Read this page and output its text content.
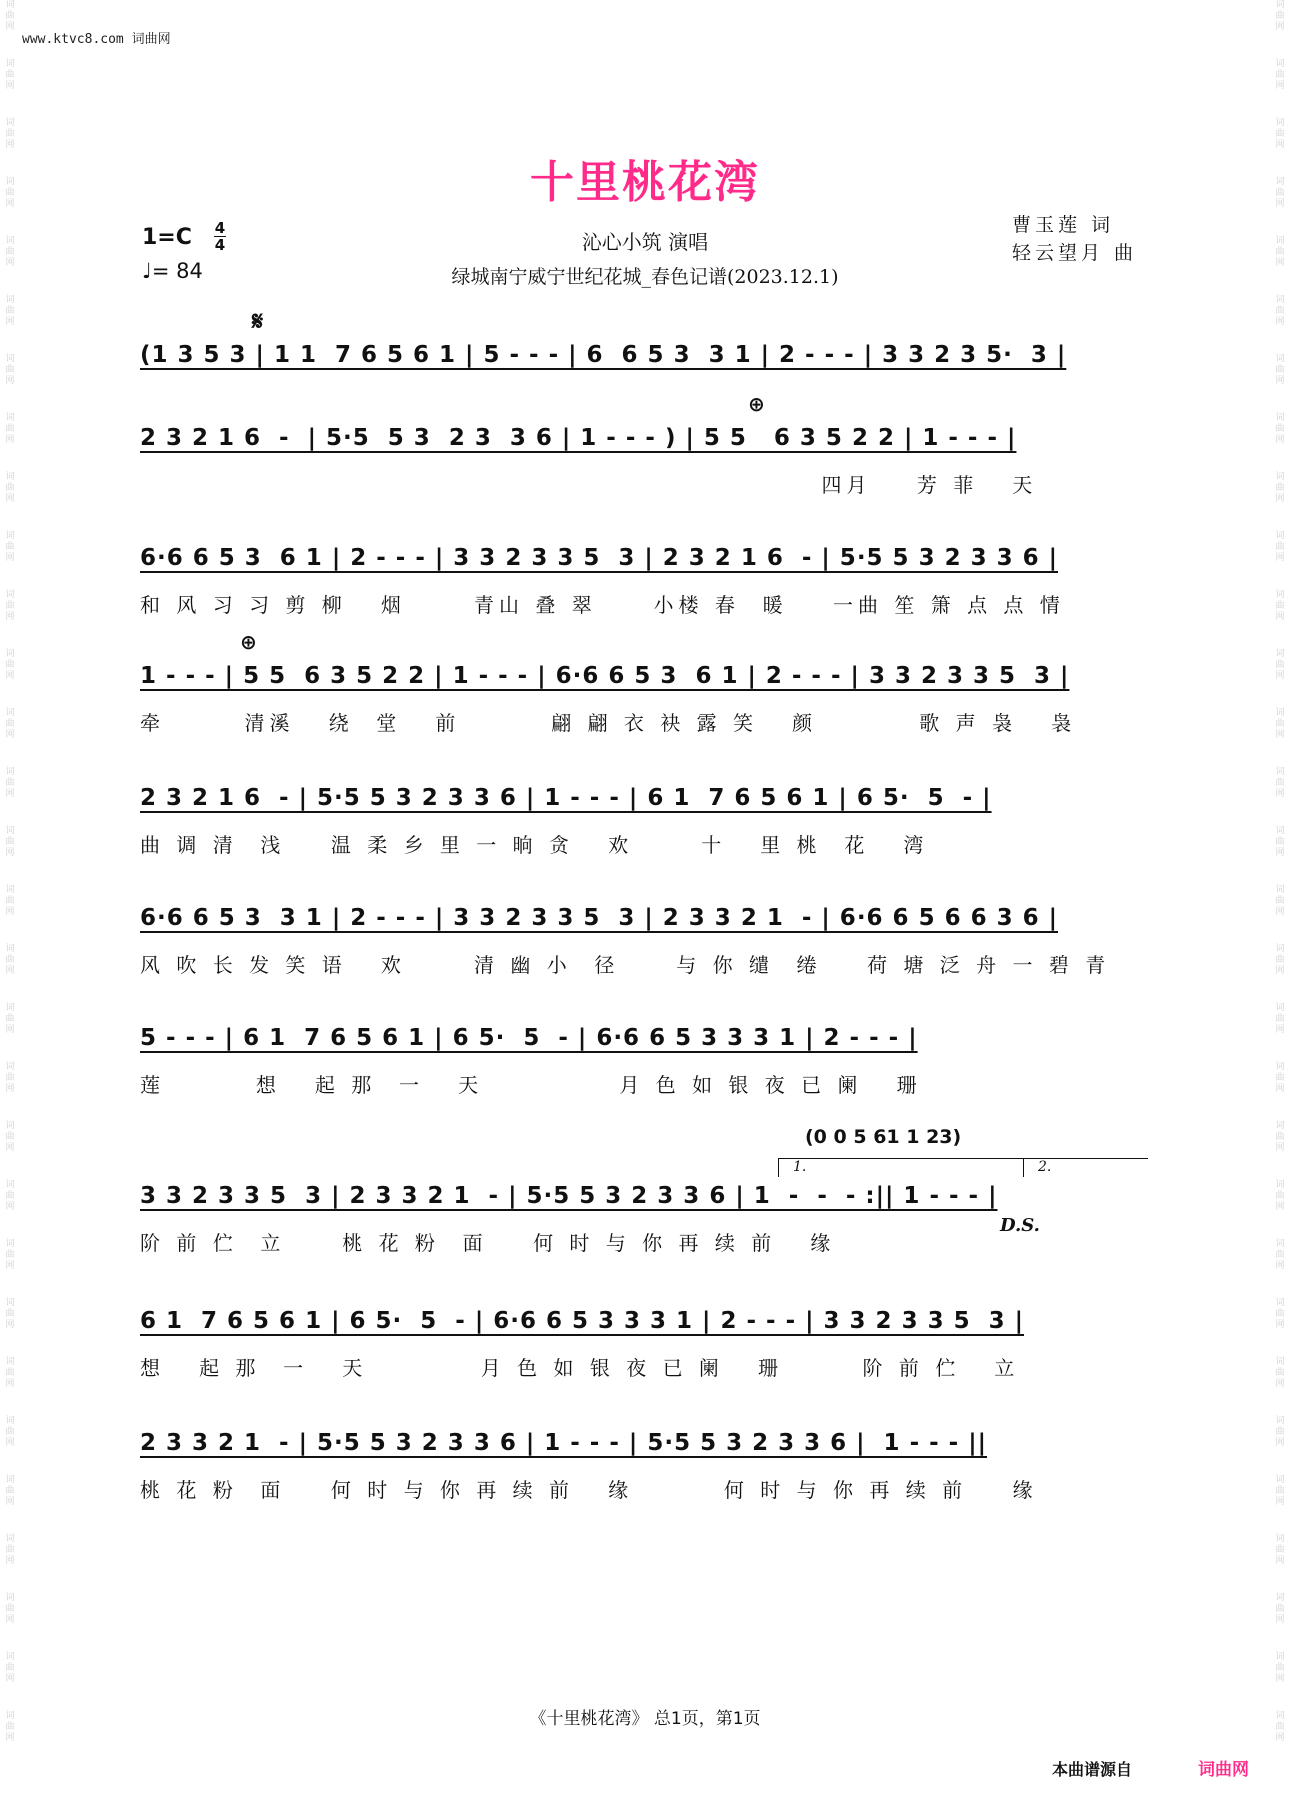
词
曲
网
词
曲
网
词
曲
网
词
曲
网
词
曲
网
词
曲
网
词
曲
网
词
曲
网
词
曲
网
词
曲
网
词
曲
网
词
曲
网
词
曲
网
词
曲
网
词
曲
网
词
曲
网
词
曲
网
词
曲
网
词
曲
网
词
曲
网
词
曲
网
词
曲
网
词
曲
网
词
曲
网
词
曲
网
词
曲
网
词
曲
网
词
曲
网
词
曲
网
词
曲
网
词
曲
网
词
曲
网
词
曲
网
词
曲
网
词
曲
网
词
曲
网
词
曲
网
词
曲
网
词
曲
网
词
曲
网
词
曲
网
词
曲
网
词
曲
网
词
曲
网
词
曲
网
词
曲
网
词
曲
网
词
曲
网
词
曲
网
词
曲
网
词
曲
网
词
曲
网
词
曲
网
词
曲
网
词
曲
网
词
曲
网
词
曲
网
词
曲
网
词
曲
网
词
曲
网
www.ktvc8.com 词曲网
十里桃花湾
1=C 4
4
♩= 84
沁心小筑 演唱
绿城南宁威宁世纪花城_春色记谱(2023.12.1)
曹玉莲 词
轻云望月 曲
𝄋
⊕
⊕
(1 3 5 3 | 1 1  7 6 5 6 1 | 5 - - - | 6  6 5 3  3 1 | 2 - - - | 3 3 2 3 5·  3 |
2 3 2 1 6  -  | 5·5  5 3  2 3  3 6 | 1 - - - ) | 5 5   6 3 5 2 2 | 1 - - - |
四月    芳 菲   天
6·6 6 5 3  6 1 | 2 - - - | 3 3 2 3 3 5  3 | 2 3 2 1 6  - | 5·5 5 3 2 3 3 6 |
和 风 习 习 剪 柳   烟      青山 叠 翠     小楼 春  暖    一曲 笙 箫 点 点 情
1 - - - | 5 5  6 3 5 2 2 | 1 - - - | 6·6 6 5 3  6 1 | 2 - - - | 3 3 2 3 3 5  3 |
牵       清溪   绕  堂   前        翩 翩 衣 袂 露 笑   颜         歌 声 袅   袅
2 3 2 1 6  - | 5·5 5 3 2 3 3 6 | 1 - - - | 6 1  7 6 5 6 1 | 6 5·  5  - |
曲 调 清  浅    温 柔 乡 里 一 晌 贪   欢      十   里 桃  花   湾
6·6 6 5 3  3 1 | 2 - - - | 3 3 2 3 3 5  3 | 2 3 3 2 1  - | 6·6 6 5 6 6 3 6 |
风 吹 长 发 笑 语   欢      清 幽 小  径     与 你 缱  绻    荷 塘 泛 舟 一 碧 青
5 - - - | 6 1  7 6 5 6 1 | 6 5·  5  - | 6·6 6 5 3 3 3 1 | 2 - - - |
莲        想   起 那  一   天            月 色 如 银 夜 已 阑   珊
(0 0 5 61 1 23)
1.	2.
3 3 2 3 3 5  3 | 2 3 3 2 1  - | 5·5 5 3 2 3 3 6 | 1  -  -  - :|| 1 - - - |
阶 前 伫  立     桃 花 粉  面    何 时 与 你 再 续 前   缘
D.S.
6 1  7 6 5 6 1 | 6 5·  5  - | 6·6 6 5 3 3 3 1 | 2 - - - | 3 3 2 3 3 5  3 |
想   起 那  一   天          月 色 如 银 夜 已 阑   珊       阶 前 伫   立
2 3 3 2 1  - | 5·5 5 3 2 3 3 6 | 1 - - - | 5·5 5 3 2 3 3 6 |  1 - - - ||
桃 花 粉  面    何 时 与 你 再 续 前   缘        何 时 与 你 再 续 前    缘
《十里桃花湾》 总1页，第1页
本曲谱源自	词曲网
